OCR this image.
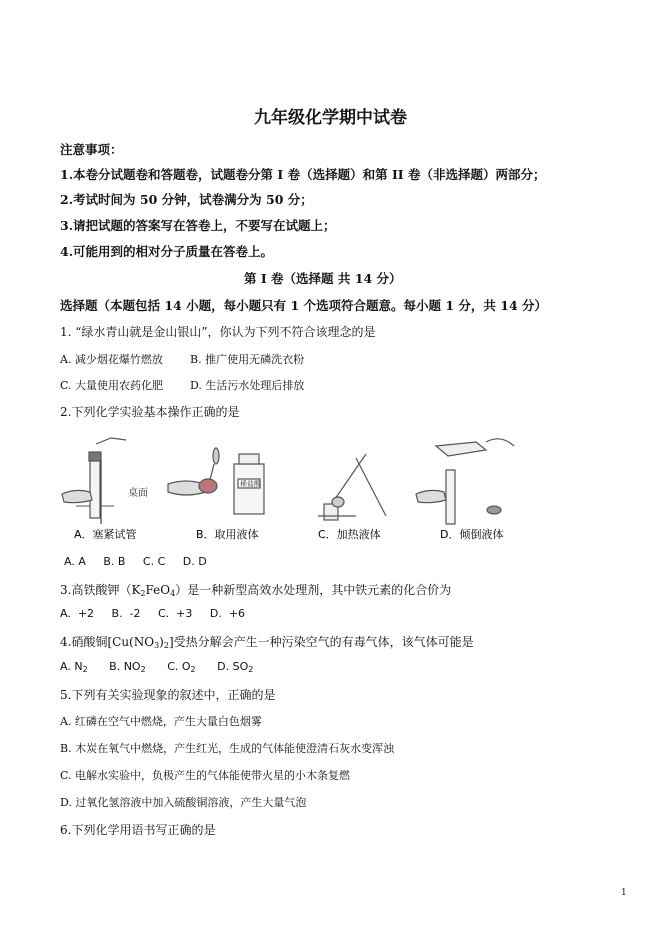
九年级化学期中试卷
注意事项：
1.本卷分试题卷和答题卷，试题卷分第 I 卷（选择题）和第 II 卷（非选择题）两部分；
2.考试时间为 50 分钟，试卷满分为 50 分；
3.请把试题的答案写在答卷上，不要写在试题上；
4.可能用到的相对分子质量在答卷上。
第 I 卷（选择题 共 14 分）
选择题（本题包括 14 小题，每小题只有 1 个选项符合题意。每小题 1 分，共 14 分）
1. “绿水青山就是金山银山”，你认为下列不符合该理念的是
A. 减少烟花爆竹燃放 B. 推广使用无磷洗衣粉
C. 大量使用农药化肥 D. 生活污水处理后排放
2.下列化学实验基本操作正确的是
桌面
稀盐酸
A．塞紧试管	B．取用液体	C．加热液体	D．倾倒液体
A. A     B. B     C. C     D. D
3.高铁酸钾$(K_2FeO_4)$是一种新型高效水处理剂，其中铁元素的化合价为
A.  +2     B.  -2     C.  +3     D.  +6
4.硝酸铜$[Cu(NO_3)_2]$受热分解会产生一种污染空气的有毒气体，该气体可能是
A. $N_2$ B. $NO_2$ C. $O_2$ D. $SO_2$
5.下列有关实验现象的叙述中，正确的是
A. 红磷在空气中燃烧，产生大量白色烟雾
B. 木炭在氧气中燃烧，产生红光，生成的气体能使澄清石灰水变浑浊
C. 电解水实验中，负极产生的气体能使带火星的小木条复燃
D. 过氧化氢溶液中加入硫酸铜溶液，产生大量气泡
6.下列化学用语书写正确的是
1
